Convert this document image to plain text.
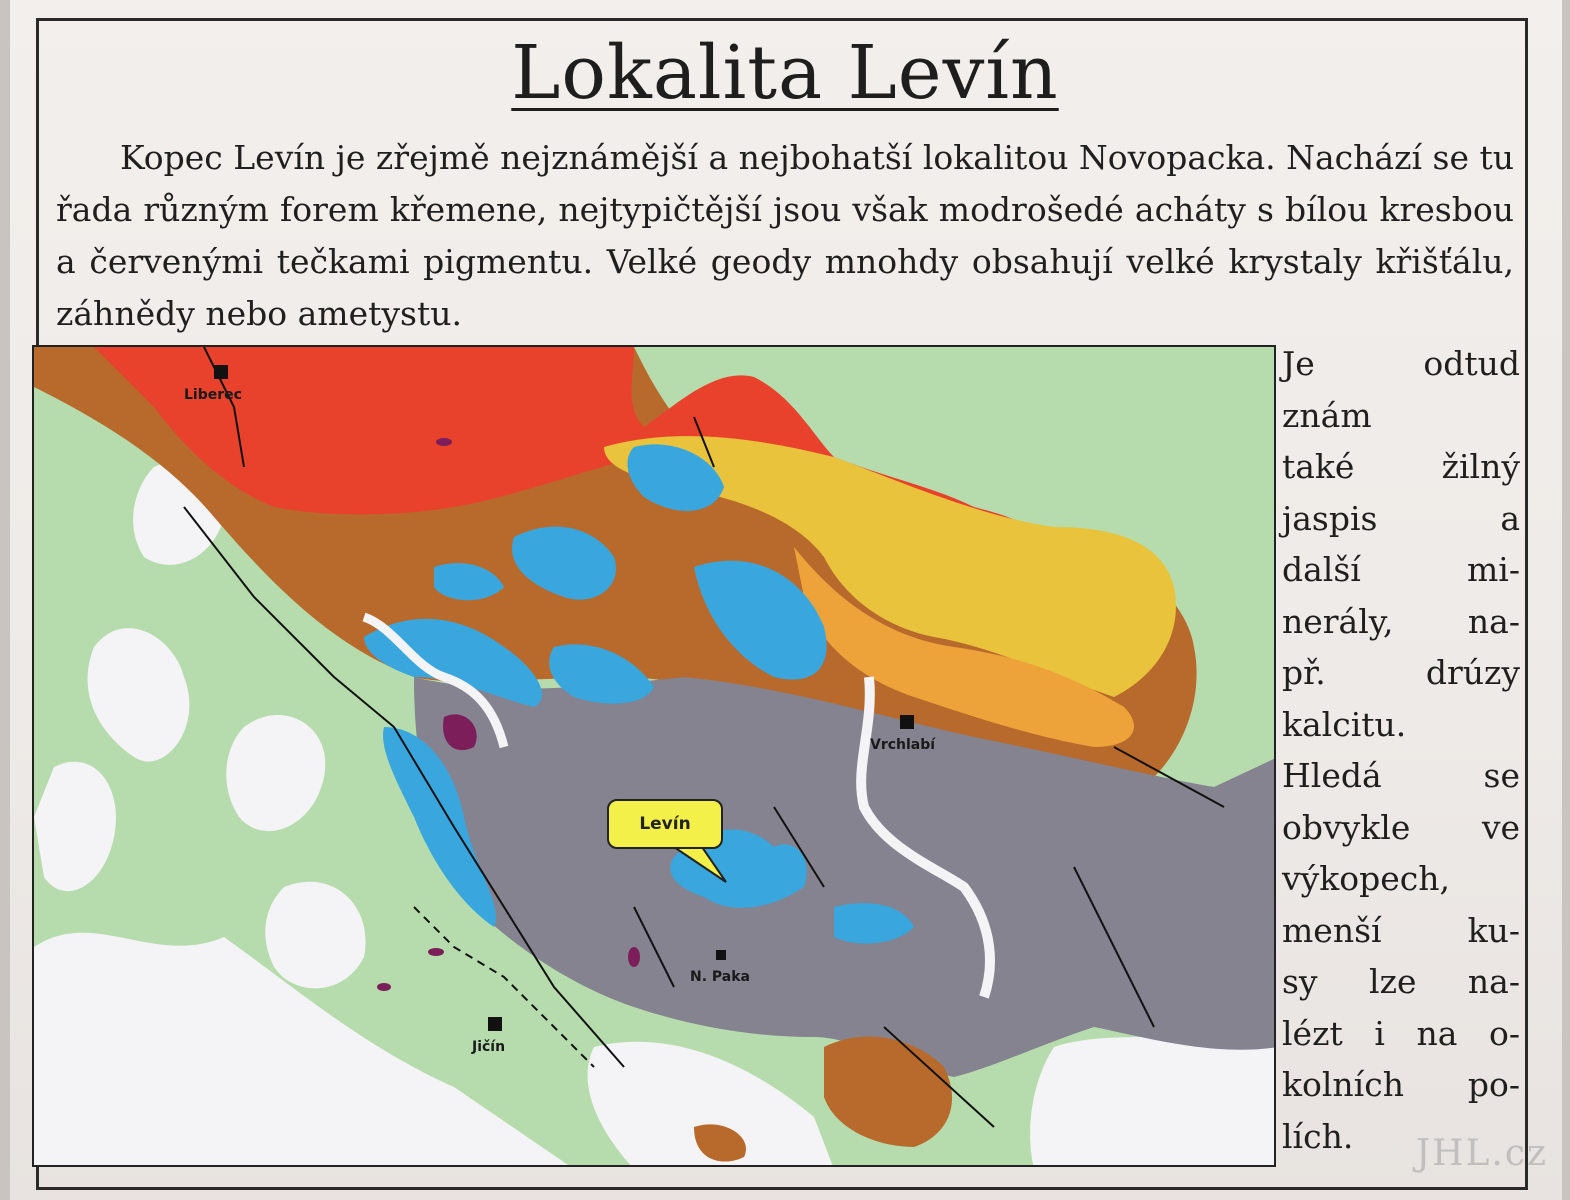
Lokalita Levín
Kopec Levín je zřejmě nejznámější a nejbohatší lokalitou Novopacka. Nachází se tu řada různým forem křemene, nejtypičtější jsou však modrošedé acháty s bílou kresbou a červenými tečkami pigmentu. Velké geody mnohdy obsahují velké krystaly křišťálu, záhnědy nebo ametystu.
Je odtud
znám
také žilný
jaspis a
další mi-
nerály, na-
př. drúzy
kalcitu.
Hledá se
obvykle ve
výkopech,
menší ku-
sy lze na-
lézt i na o-
kolních po-
lích.
Liberec
Vrchlabí
N. Paka
Jičín
Levín
JHL.cz
